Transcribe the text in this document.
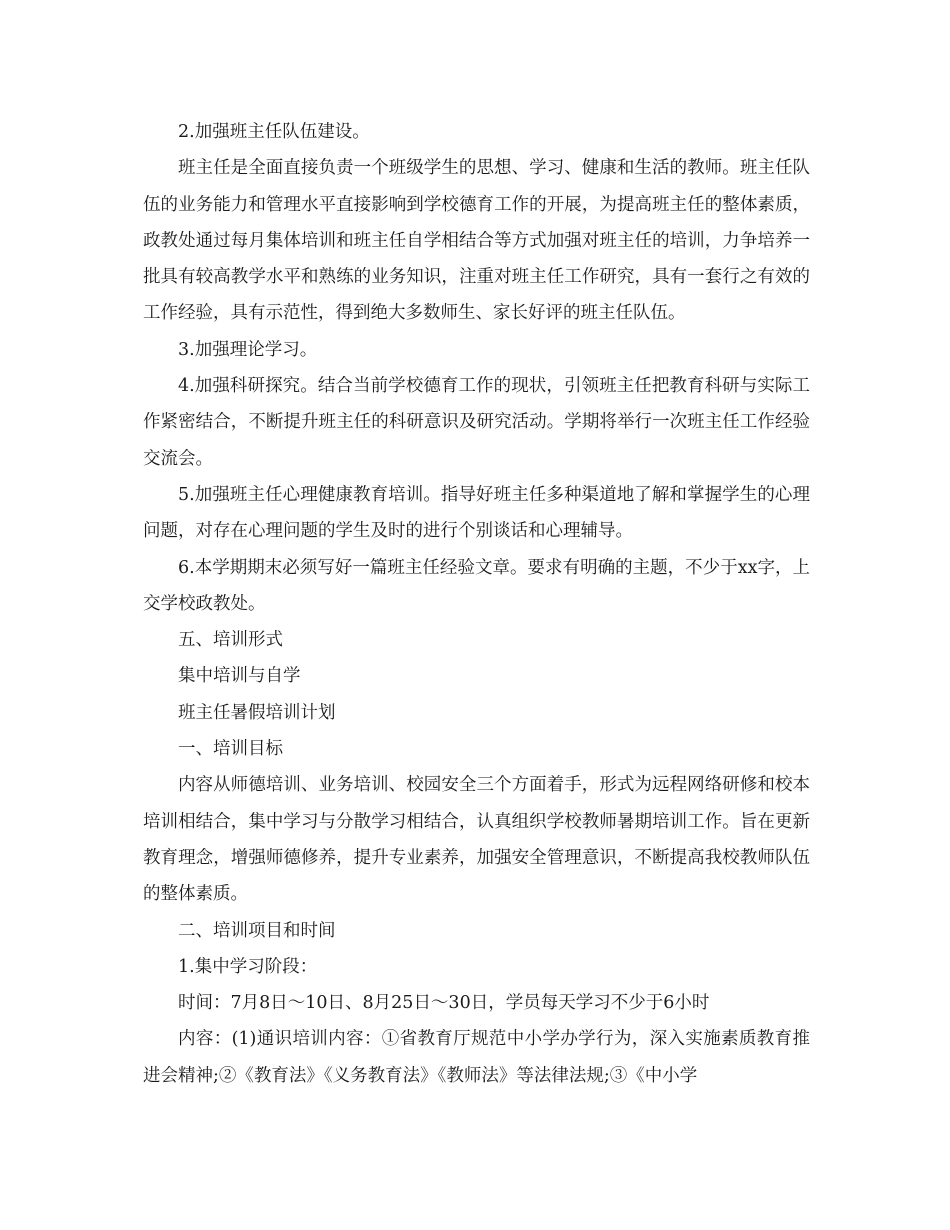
2.加强班主任队伍建设。

班主任是全面直接负责一个班级学生的思想、学习、健康和生活的教师。班主任队伍的业务能力和管理水平直接影响到学校德育工作的开展，为提高班主任的整体素质，政教处通过每月集体培训和班主任自学相结合等方式加强对班主任的培训，力争培养一批具有较高教学水平和熟练的业务知识，注重对班主任工作研究，具有一套行之有效的工作经验，具有示范性，得到绝大多数师生、家长好评的班主任队伍。

3.加强理论学习。

4.加强科研探究。结合当前学校德育工作的现状，引领班主任把教育科研与实际工作紧密结合，不断提升班主任的科研意识及研究活动。学期将举行一次班主任工作经验交流会。

5.加强班主任心理健康教育培训。指导好班主任多种渠道地了解和掌握学生的心理问题，对存在心理问题的学生及时的进行个别谈话和心理辅导。

6.本学期期末必须写好一篇班主任经验文章。要求有明确的主题，不少于xx字，上交学校政教处。

五、培训形式

集中培训与自学

班主任暑假培训计划

一、培训目标

内容从师德培训、业务培训、校园安全三个方面着手，形式为远程网络研修和校本培训相结合，集中学习与分散学习相结合，认真组织学校教师暑期培训工作。旨在更新教育理念，增强师德修养，提升专业素养，加强安全管理意识，不断提高我校教师队伍的整体素质。

二、培训项目和时间

1.集中学习阶段：

时间：7月8日～10日、8月25日～30日，学员每天学习不少于6小时

内容：(1)通识培训内容：①省教育厅规范中小学办学行为，深入实施素质教育推进会精神;②《教育法》《义务教育法》《教师法》等法律法规;③《中小学
